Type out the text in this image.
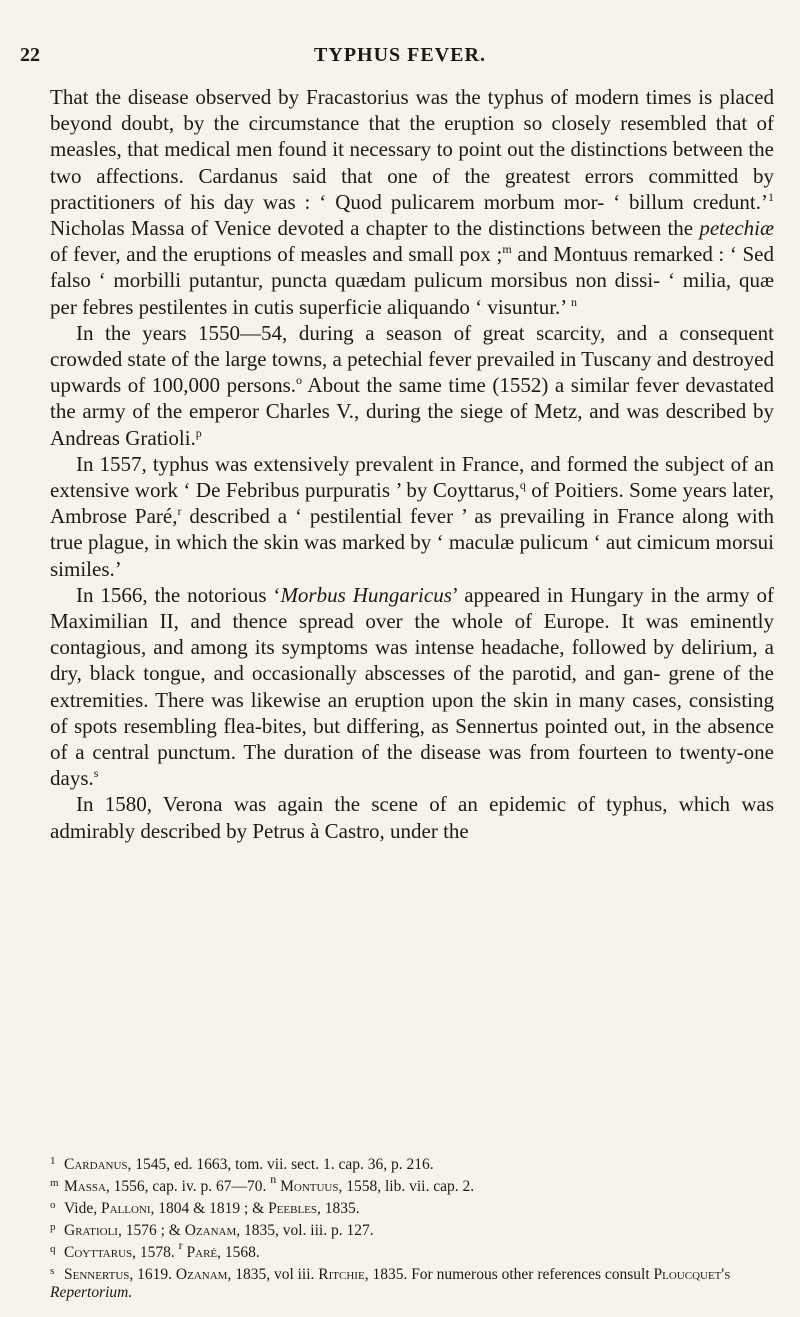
22	TYPHUS FEVER.

That the disease observed by Fracastorius was the typhus of modern times is placed beyond doubt, by the circumstance that the eruption so closely resembled that of measles, that medical men found it necessary to point out the distinctions between the two affections. Cardanus said that one of the greatest errors committed by practitioners of his day was : ‘ Quod pulicarem morbum mor- ‘ billum credunt.’$^1$ Nicholas Massa of Venice devoted a chapter to the distinctions between the petechiæ of fever, and the eruptions of measles and small pox ;$^m$ and Montuus remarked : ‘ Sed falso ‘ morbilli putantur, puncta quædam pulicum morsibus non dissi- ‘ milia, quæ per febres pestilentes in cutis superficie aliquando ‘ visuntur.’ $^n$

In the years 1550—54, during a season of great scarcity, and a consequent crowded state of the large towns, a petechial fever prevailed in Tuscany and destroyed upwards of 100,000 persons.$^o$ About the same time (1552) a similar fever devastated the army of the emperor Charles V., during the siege of Metz, and was described by Andreas Gratioli.$^p$

In 1557, typhus was extensively prevalent in France, and formed the subject of an extensive work ‘ De Febribus purpuratis ’ by Coyttarus,$^q$ of Poitiers. Some years later, Ambrose Paré,$^r$ described a ‘ pestilential fever ’ as prevailing in France along with true plague, in which the skin was marked by ‘ maculæ pulicum ‘ aut cimicum morsui similes.’

In 1566, the notorious ‘Morbus Hungaricus’ appeared in Hungary in the army of Maximilian II, and thence spread over the whole of Europe. It was eminently contagious, and among its symptoms was intense headache, followed by delirium, a dry, black tongue, and occasionally abscesses of the parotid, and gan- grene of the extremities. There was likewise an eruption upon the skin in many cases, consisting of spots resembling flea-bites, but differing, as Sennertus pointed out, in the absence of a central punctum. The duration of the disease was from fourteen to twenty-one days.$^s$

In 1580, Verona was again the scene of an epidemic of typhus, which was admirably described by Petrus à Castro, under the

1 Cardanus, 1545, ed. 1663, tom. vii. sect. 1. cap. 36, p. 216.

m Massa, 1556, cap. iv. p. 67—70. $^n$ Montuus, 1558, lib. vii. cap. 2.

o Vide, Palloni, 1804 & 1819 ; & Peebles, 1835.

p Gratioli, 1576 ; & Ozanam, 1835, vol. iii. p. 127.

q Coyttarus, 1578. $^r$ Paré, 1568.

s Sennertus, 1619. Ozanam, 1835, vol iii. Ritchie, 1835. For numerous other references consult Ploucquet's Repertorium.
